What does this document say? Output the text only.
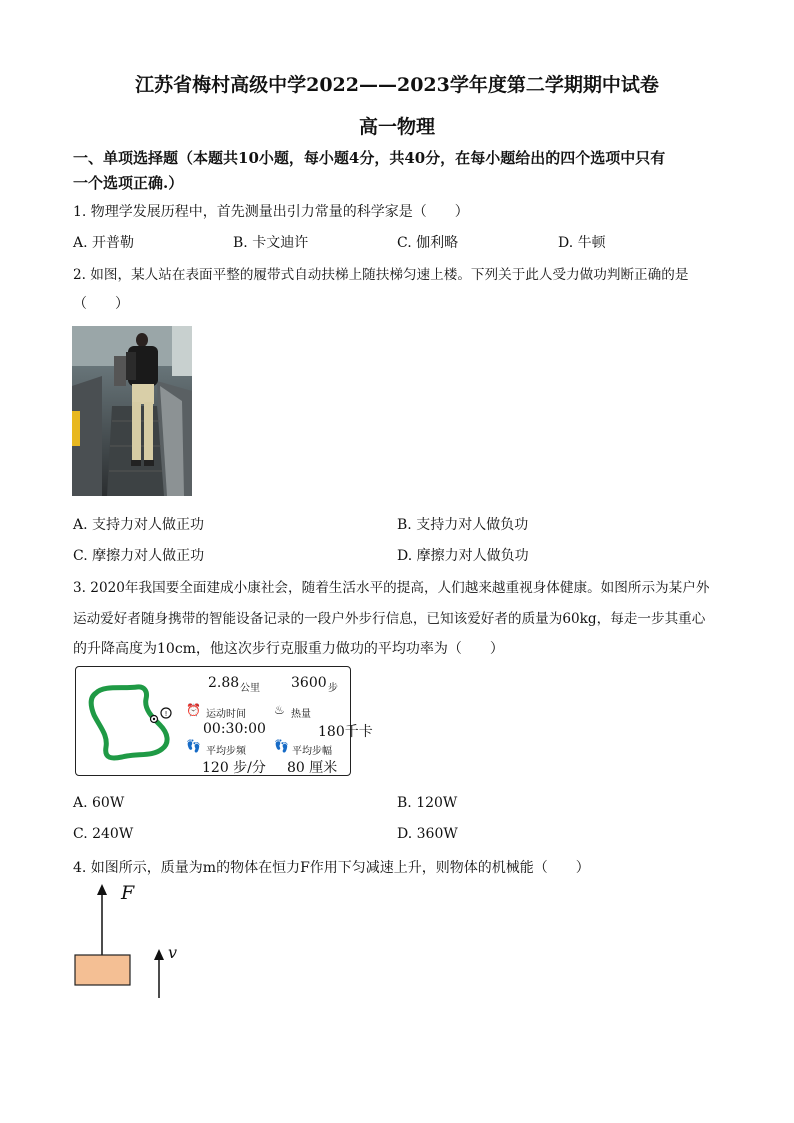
江苏省梅村高级中学2022——2023学年度第二学期期中试卷
高一物理
一、单项选择题（本题共10小题，每小题4分，共40分，在每小题给出的四个选项中只有
一个选项正确.）
1. 物理学发展历程中，首先测量出引力常量的科学家是（　　）
A. 开普勒	B. 卡文迪许	C. 伽利略	D. 牛顿
2. 如图，某人站在表面平整的履带式自动扶梯上随扶梯匀速上楼。下列关于此人受力做功判断正确的是
（　　）
A. 支持力对人做正功	B. 支持力对人做负功
C. 摩擦力对人做正功	D. 摩擦力对人做负功
3. 2020年我国要全面建成小康社会，随着生活水平的提高，人们越来越重视身体健康。如图所示为某户外
运动爱好者随身携带的智能设备记录的一段户外步行信息，已知该爱好者的质量为60kg，每走一步其重心
的升降高度为10cm，他这次步行克服重力做功的平均功率为（　　）
!
2.88 公里 3600 步
⏰ 运动时间 ♨ 热量
00:30:00	180千卡
👣 平均步频 👣 平均步幅
120 步/分 80 厘米
A. 60W	B. 120W
C. 240W	D. 360W
4. 如图所示，质量为m的物体在恒力F作用下匀减速上升，则物体的机械能（　　）
F
v
